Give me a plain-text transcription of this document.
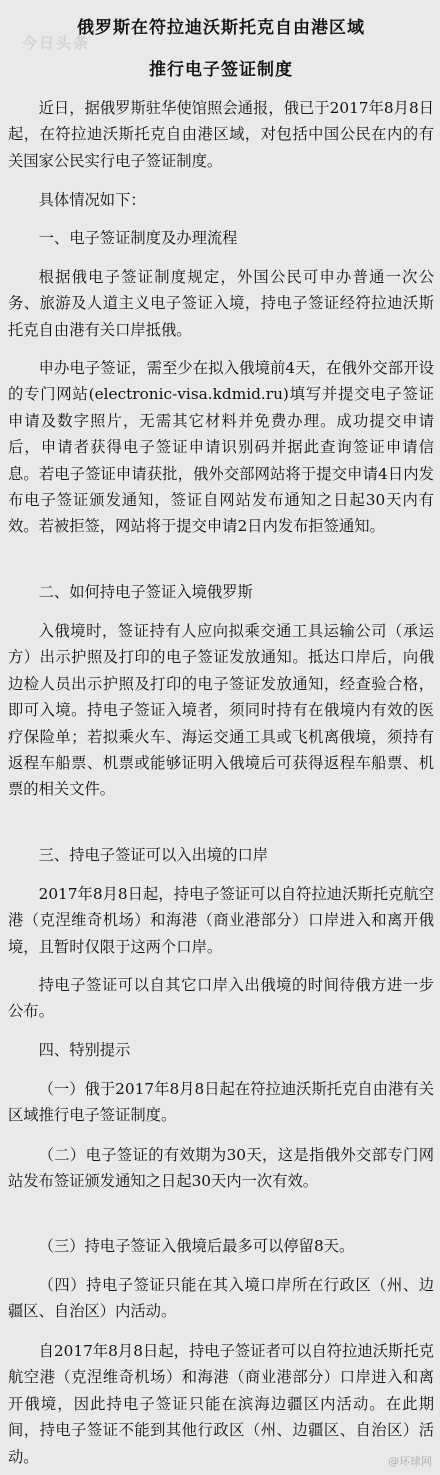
今日头条
俄罗斯在符拉迪沃斯托克自由港区域
推行电子签证制度

近日，据俄罗斯驻华使馆照会通报，俄已于2017年8月8日起，在符拉迪沃斯托克自由港区域，对包括中国公民在内的有关国家公民实行电子签证制度。

具体情况如下：

一、电子签证制度及办理流程

根据俄电子签证制度规定，外国公民可申办普通一次公务、旅游及人道主义电子签证入境，持电子签证经符拉迪沃斯托克自由港有关口岸抵俄。

申办电子签证，需至少在拟入俄境前4天，在俄外交部开设的专门网站(electronic-visa.kdmid.ru)填写并提交电子签证申请及数字照片，无需其它材料并免费办理。成功提交申请后，申请者获得电子签证申请识别码并据此查询签证申请信息。若电子签证申请获批，俄外交部网站将于提交申请4日内发布电子签证颁发通知，签证自网站发布通知之日起30天内有效。若被拒签，网站将于提交申请2日内发布拒签通知。

二、如何持电子签证入境俄罗斯

入俄境时，签证持有人应向拟乘交通工具运输公司（承运方）出示护照及打印的电子签证发放通知。抵达口岸后，向俄边检人员出示护照及打印的电子签证发放通知，经查验合格，即可入境。持电子签证入境者，须同时持有在俄境内有效的医疗保险单；若拟乘火车、海运交通工具或飞机离俄境，须持有返程车船票、机票或能够证明入俄境后可获得返程车船票、机票的相关文件。

三、持电子签证可以入出境的口岸

2017年8月8日起，持电子签证可以自符拉迪沃斯托克航空港（克涅维奇机场）和海港（商业港部分）口岸进入和离开俄境，且暂时仅限于这两个口岸。

持电子签证可以自其它口岸入出俄境的时间待俄方进一步公布。

四、特别提示

（一）俄于2017年8月8日起在符拉迪沃斯托克自由港有关区域推行电子签证制度。

（二）电子签证的有效期为30天，这是指俄外交部专门网站发布签证颁发通知之日起30天内一次有效。

（三）持电子签证入俄境后最多可以停留8天。

（四）持电子签证只能在其入境口岸所在行政区（州、边疆区、自治区）内活动。

自2017年8月8日起，持电子签证者可以自符拉迪沃斯托克航空港（克涅维奇机场）和海港（商业港部分）口岸进入和离开俄境，因此持电子签证只能在滨海边疆区内活动。在此期间，持电子签证不能到其他行政区（州、边疆区、自治区）活动。	@环球网
